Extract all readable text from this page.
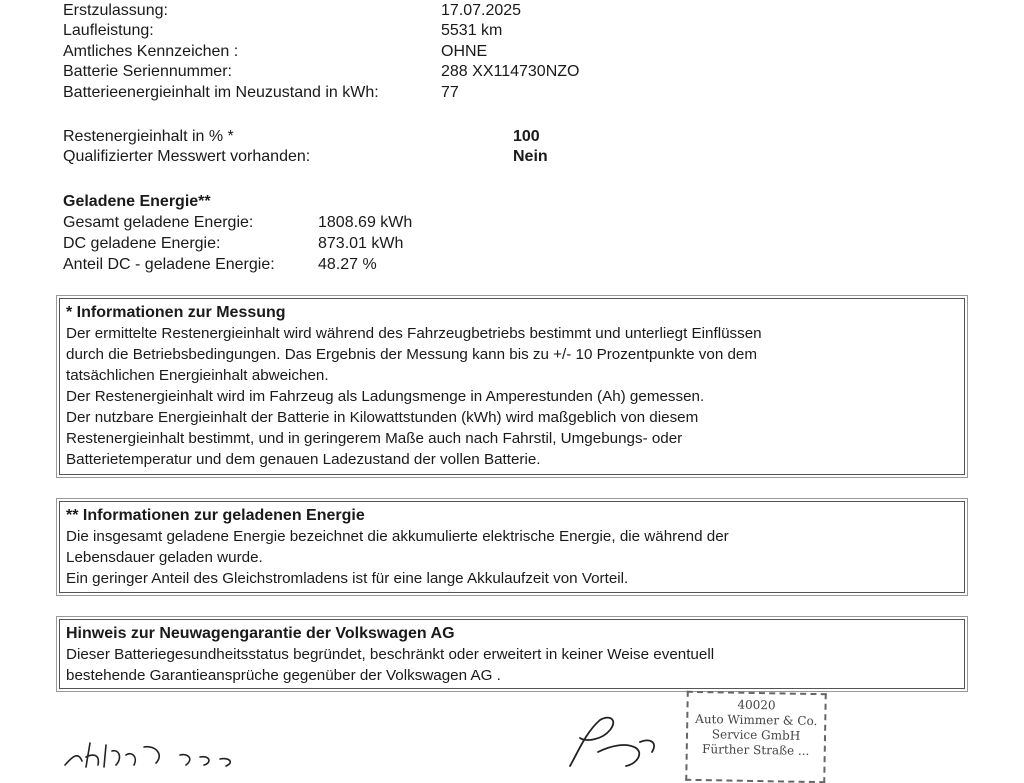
Erstzulassung:	17.07.2025
Laufleistung:	5531 km
Amtliches Kennzeichen :	OHNE
Batterie Seriennummer:	288 XX114730NZO
Batterieenergieinhalt im Neuzustand in kWh:	77
Restenergieinhalt in % *	100
Qualifizierter Messwert vorhanden:	Nein
Geladene Energie**
Gesamt geladene Energie:	1808.69 kWh
DC geladene Energie:	873.01 kWh
Anteil DC - geladene Energie:	48.27 %
* Informationen zur Messung
Der ermittelte Restenergieinhalt wird während des Fahrzeugbetriebs bestimmt und unterliegt Einflüssen
durch die Betriebsbedingungen. Das Ergebnis der Messung kann bis zu +/- 10 Prozentpunkte von dem
tatsächlichen Energieinhalt abweichen.
Der Restenergieinhalt wird im Fahrzeug als Ladungsmenge in Amperestunden (Ah) gemessen.
Der nutzbare Energieinhalt der Batterie in Kilowattstunden (kWh) wird maßgeblich von diesem
Restenergieinhalt bestimmt, und in geringerem Maße auch nach Fahrstil, Umgebungs- oder
Batterietemperatur und dem genauen Ladezustand der vollen Batterie.
** Informationen zur geladenen Energie
Die insgesamt geladene Energie bezeichnet die akkumulierte elektrische Energie, die während der
Lebensdauer geladen wurde.
Ein geringer Anteil des Gleichstromladens ist für eine lange Akkulaufzeit von Vorteil.
Hinweis zur Neuwagengarantie der Volkswagen AG
Dieser Batteriegesundheitsstatus begründet, beschränkt oder erweitert in keiner Weise eventuell
bestehende Garantieansprüche gegenüber der Volkswagen AG .
40020
Auto Wimmer & Co.
Service GmbH
Fürther Straße ...
